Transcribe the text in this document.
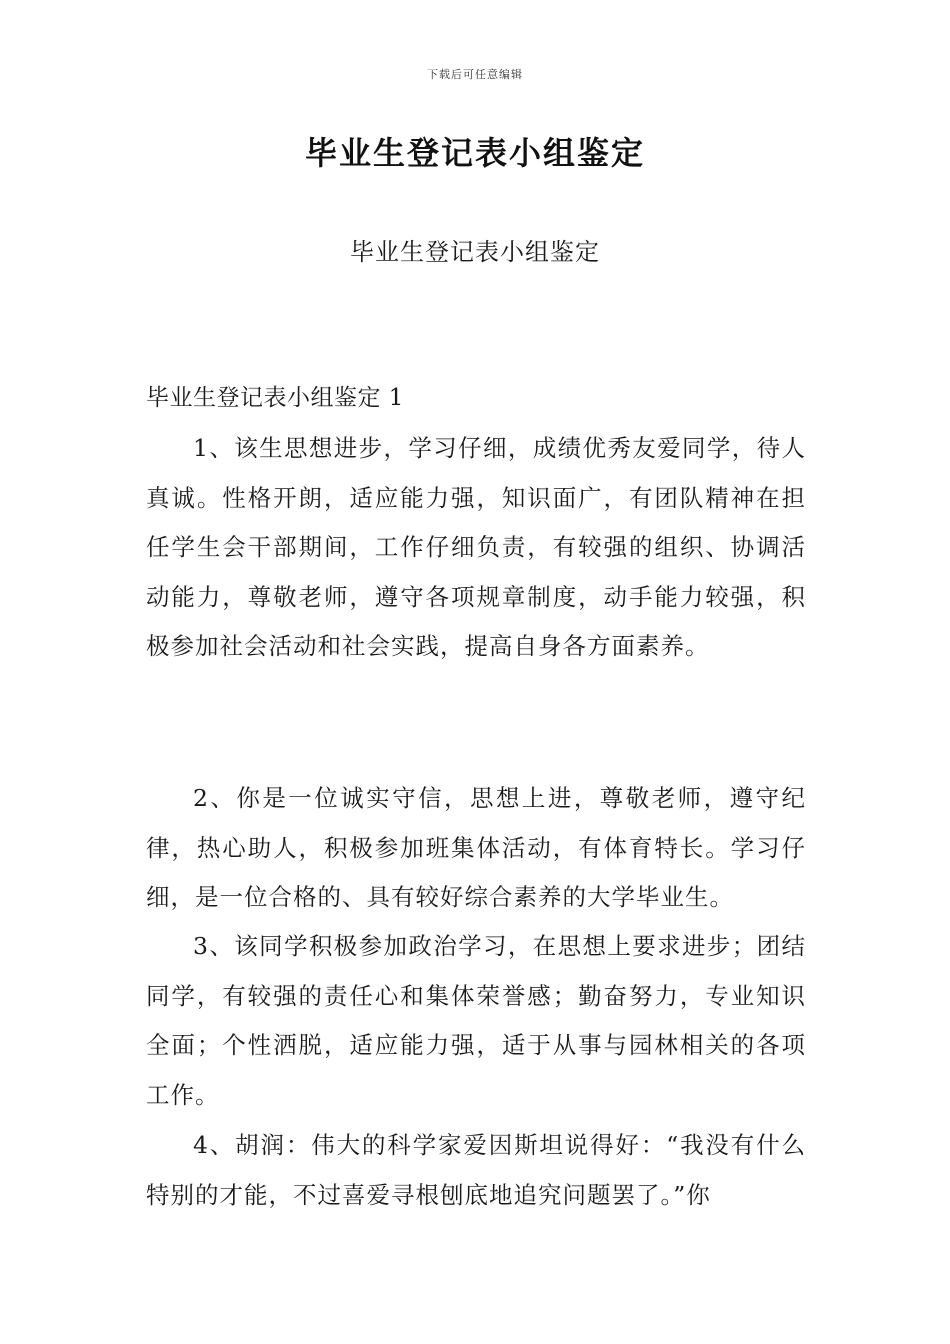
下载后可任意编辑
毕业生登记表小组鉴定
毕业生登记表小组鉴定
毕业生登记表小组鉴定 1

1、该生思想进步，学习仔细，成绩优秀友爱同学，待人真诚。性格开朗，适应能力强，知识面广，有团队精神在担任学生会干部期间，工作仔细负责，有较强的组织、协调活动能力，尊敬老师，遵守各项规章制度，动手能力较强，积极参加社会活动和社会实践，提高自身各方面素养。

2、你是一位诚实守信，思想上进，尊敬老师，遵守纪律，热心助人，积极参加班集体活动，有体育特长。学习仔细，是一位合格的、具有较好综合素养的大学毕业生。

3、该同学积极参加政治学习，在思想上要求进步；团结同学，有较强的责任心和集体荣誉感；勤奋努力，专业知识全面；个性洒脱，适应能力强，适于从事与园林相关的各项工作。

4、胡润：伟大的科学家爱因斯坦说得好：“我没有什么特别的才能，不过喜爱寻根刨底地追究问题罢了。”你
